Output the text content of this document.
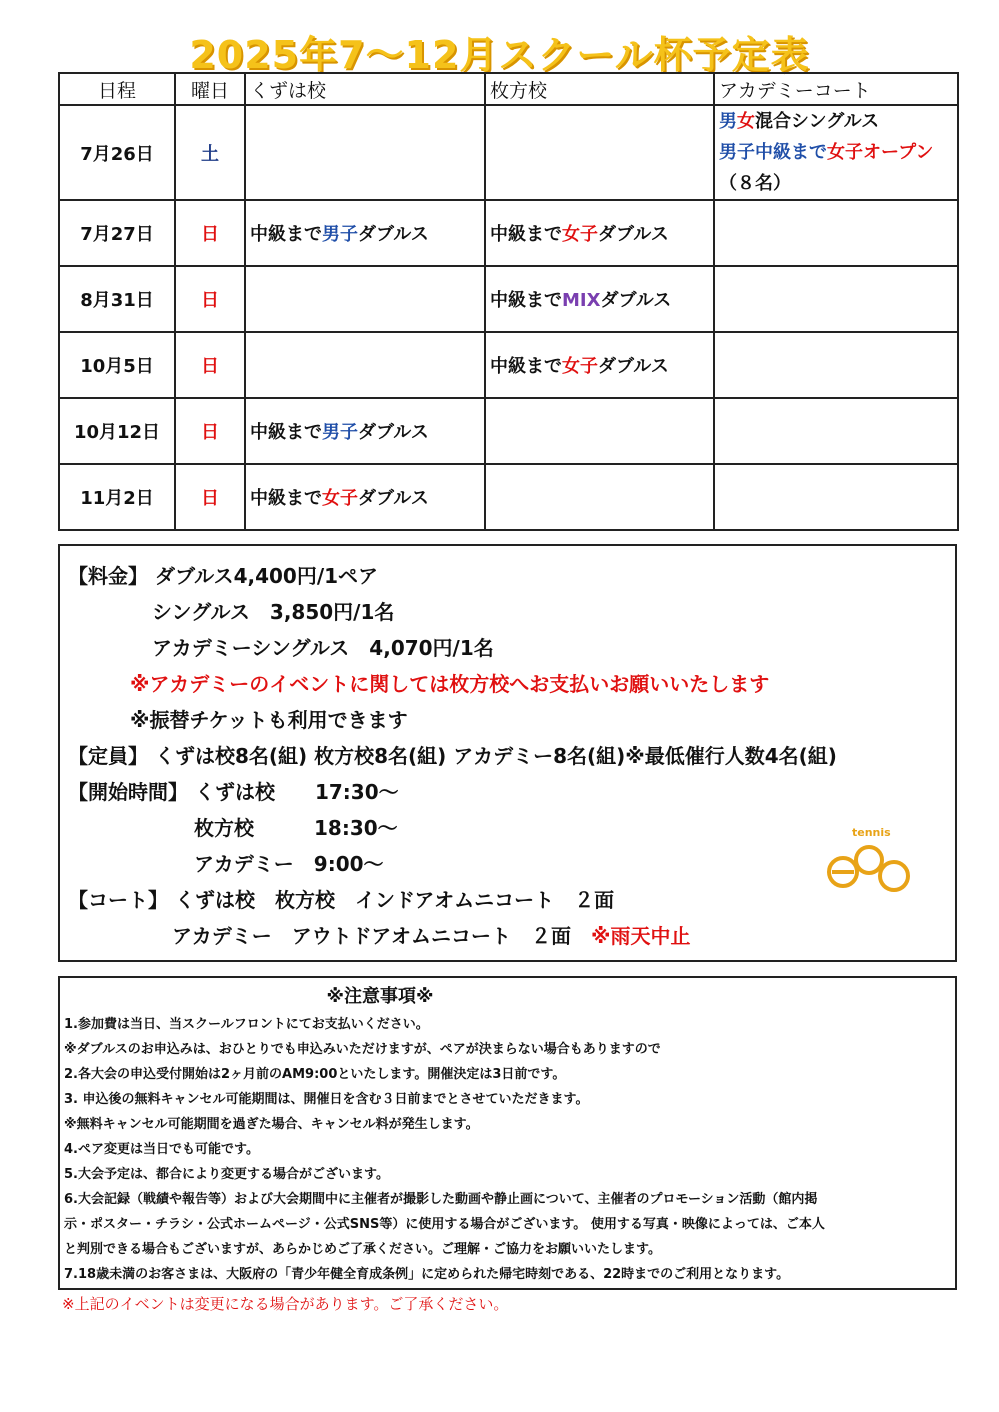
2025年7～12月スクール杯予定表
日程	曜日	くずは校	枚方校	アカデミーコート
7月26日	土			男女混合シングルス
男子中級まで女子オープン
（８名）

7月27日	日	中級まで男子ダブルス	中級まで女子ダブルス	
8月31日	日		中級までMIXダブルス	
10月5日	日		中級まで女子ダブルス	
10月12日	日	中級まで男子ダブルス		
11月2日	日	中級まで女子ダブルス		
【料金】 ダブルス4,400円/1ペア
シングルス　3,850円/1名
アカデミーシングルス　4,070円/1名
※アカデミーのイベントに関しては枚方校へお支払いお願いいたします
※振替チケットも利用できます
【定員】 くずは校8名(組) 枚方校8名(組) アカデミー8名(組)※最低催行人数4名(組)
【開始時間】 くずは校　　17:30～
枚方校　　　18:30～
アカデミー　9:00～
【コート】 くずは校　枚方校　インドアオムニコート　２面
アカデミー　アウトドアオムニコート　２面　 ※雨天中止
tennis
※注意事項※
1.参加費は当日、当スクールフロントにてお支払いください。
※ダブルスのお申込みは、おひとりでも申込みいただけますが、ペアが決まらない場合もありますので
2.各大会の申込受付開始は2ヶ月前のAM9:00といたします。開催決定は3日前です。
3. 申込後の無料キャンセル可能期間は、開催日を含む３日前までとさせていただきます。
※無料キャンセル可能期間を過ぎた場合、キャンセル料が発生します。
4.ペア変更は当日でも可能です。
5.大会予定は、都合により変更する場合がございます。
6.大会記録（戦績や報告等）および大会期間中に主催者が撮影した動画や静止画について、主催者のプロモーション活動（館内掲
示・ポスター・チラシ・公式ホームページ・公式SNS等）に使用する場合がございます。 使用する写真・映像によっては、ご本人
と判別できる場合もございますが、あらかじめご了承ください。ご理解・ご協力をお願いいたします。
7.18歳未満のお客さまは、大阪府の「青少年健全育成条例」に定められた帰宅時刻である、22時までのご利用となります。
※上記のイベントは変更になる場合があります。ご了承ください。
